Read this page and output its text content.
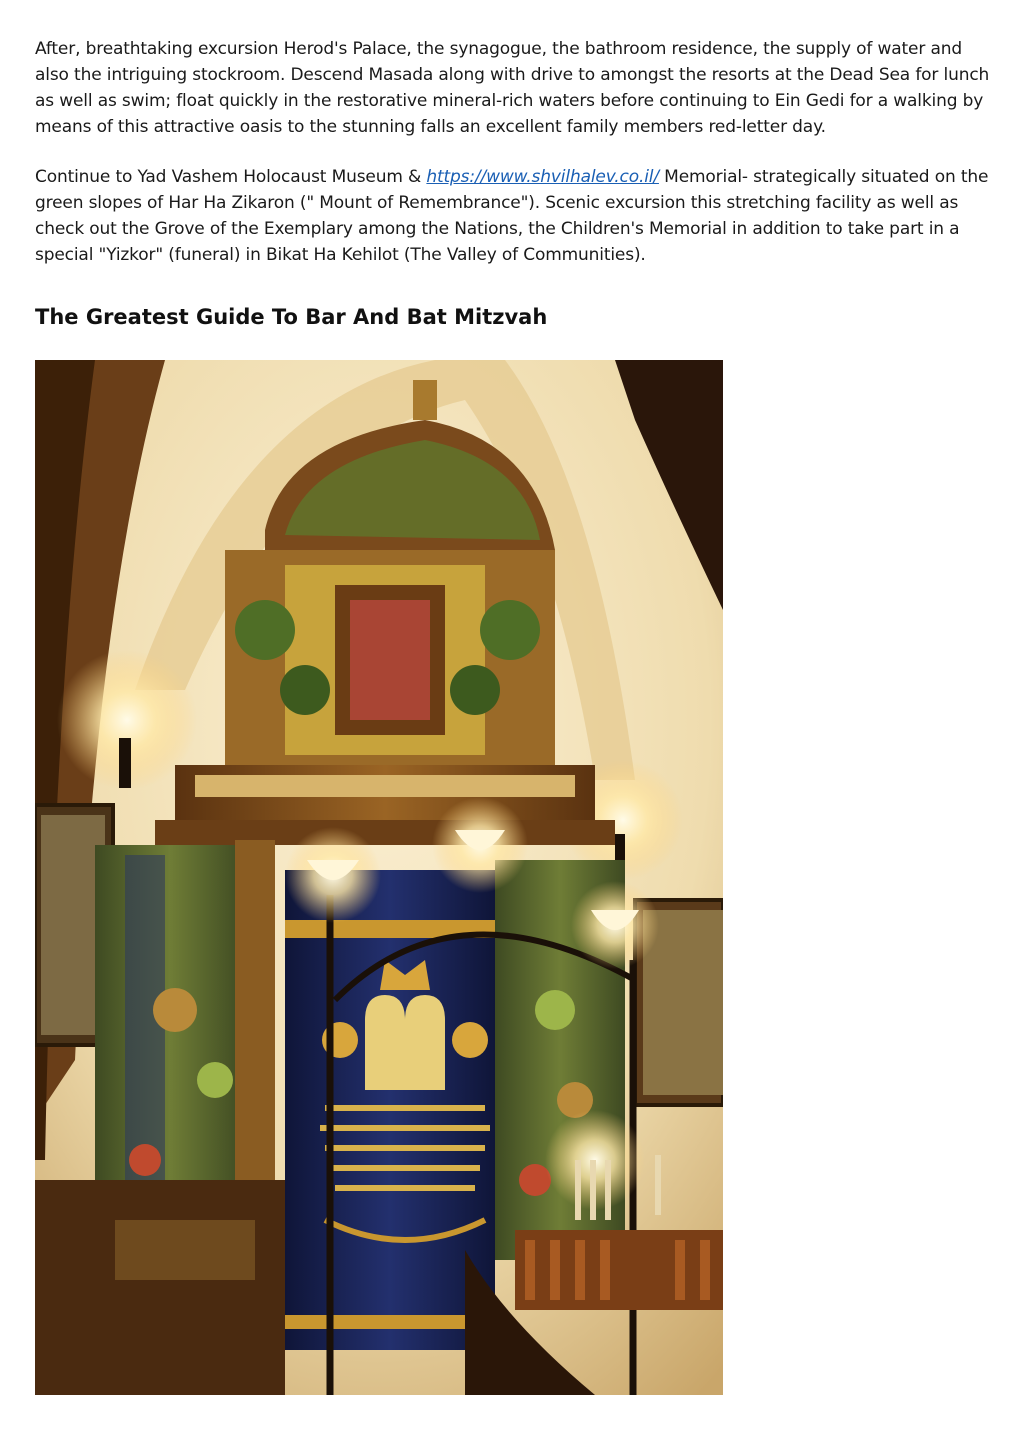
After, breathtaking excursion Herod's Palace, the synagogue, the bathroom residence, the supply of water and also the intriguing stockroom. Descend Masada along with drive to amongst the resorts at the Dead Sea for lunch as well as swim; float quickly in the restorative mineral-rich waters before continuing to Ein Gedi for a walking by means of this attractive oasis to the stunning falls an excellent family members red-letter day.

Continue to Yad Vashem Holocaust Museum & https://www.shvilhalev.co.il/ Memorial- strategically situated on the green slopes of Har Ha Zikaron (" Mount of Remembrance"). Scenic excursion this stretching facility as well as check out the Grove of the Exemplary among the Nations, the Children's Memorial in addition to take part in a special "Yizkor" (funeral) in Bikat Ha Kehilot (The Valley of Communities).

The Greatest Guide To Bar And Bat Mitzvah
